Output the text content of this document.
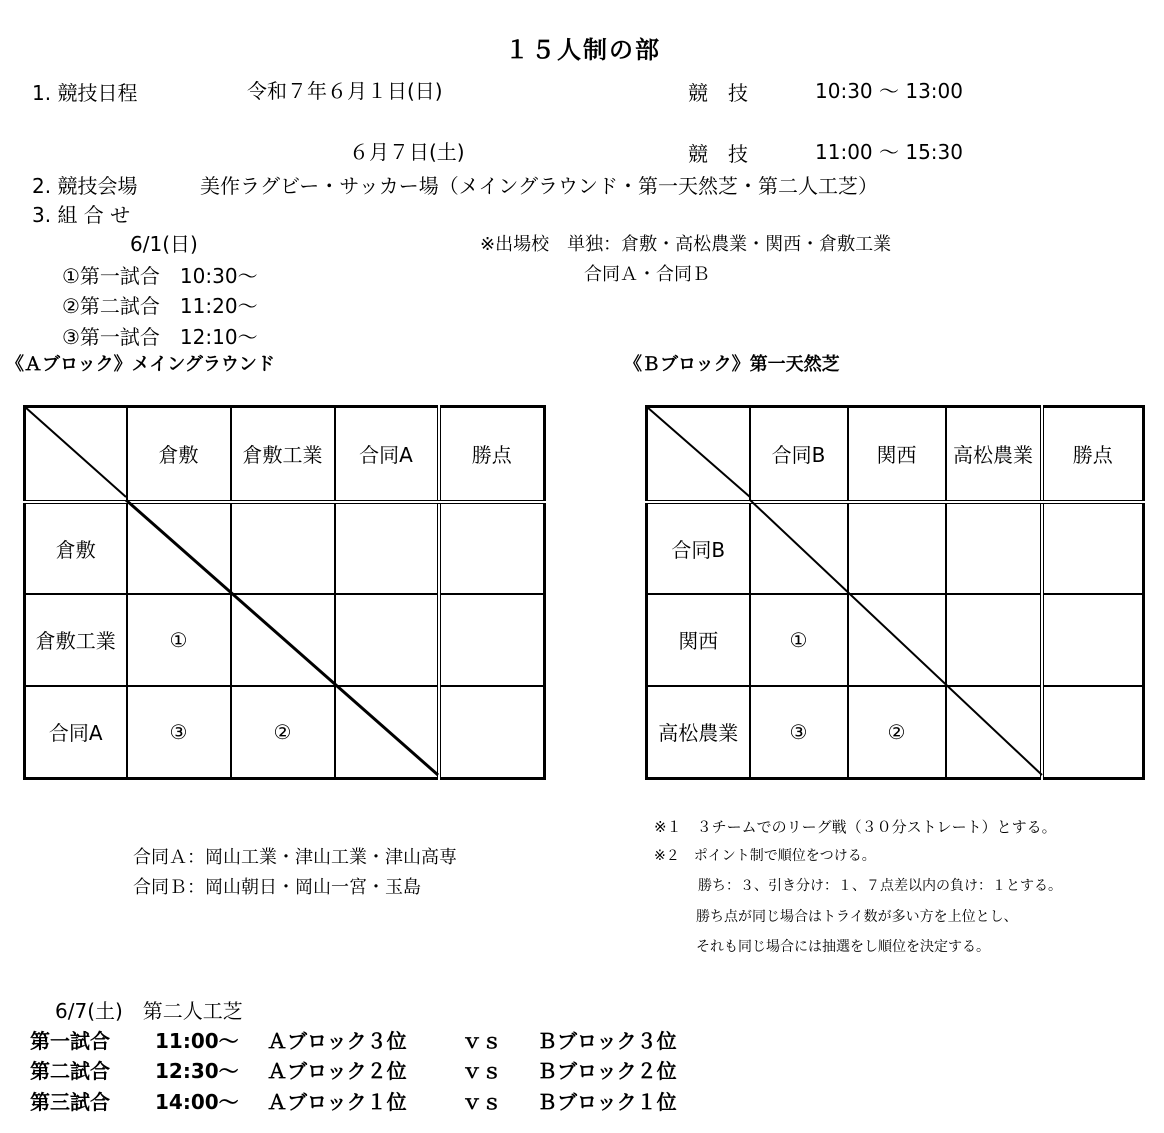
１５人制の部
1. 競技日程	令和７年６月１日(日)	競　技	10:30 ～ 13:00
６月７日(土)	競　技	11:00 ～ 15:30
2. 競技会場	美作ラグビー・サッカー場（メイングラウンド・第一天然芝・第二人工芝）
3. 組 合 せ
6/1(日)
①第一試合　10:30～
②第二試合　11:20～
③第一試合　12:10～
※出場校　単独：倉敷・高松農業・関西・倉敷工業
合同Ａ・合同Ｂ
《Ａブロック》メイングラウンド	《Ｂブロック》第一天然芝
	倉敷	倉敷工業	合同A	勝点
倉敷				
倉敷工業	①			
合同A	③	②		
	合同B	関西	高松農業	勝点
合同B				
関西	①			
高松農業	③	②		
合同Ａ：岡山工業・津山工業・津山高専
合同Ｂ：岡山朝日・岡山一宮・玉島
※１　３チームでのリーグ戦（３０分ストレート）とする。
※２　ポイント制で順位をつける。
勝ち：３、引き分け：１、７点差以内の負け：１とする。
勝ち点が同じ場合はトライ数が多い方を上位とし、
それも同じ場合には抽選をし順位を決定する。
6/7(土)　第二人工芝
第一試合 11:00～ Ａブロック３位	ｖｓ Ｂブロック３位
第二試合 12:30～ Ａブロック２位	ｖｓ Ｂブロック２位
第三試合 14:00～ Ａブロック１位	ｖｓ Ｂブロック１位
